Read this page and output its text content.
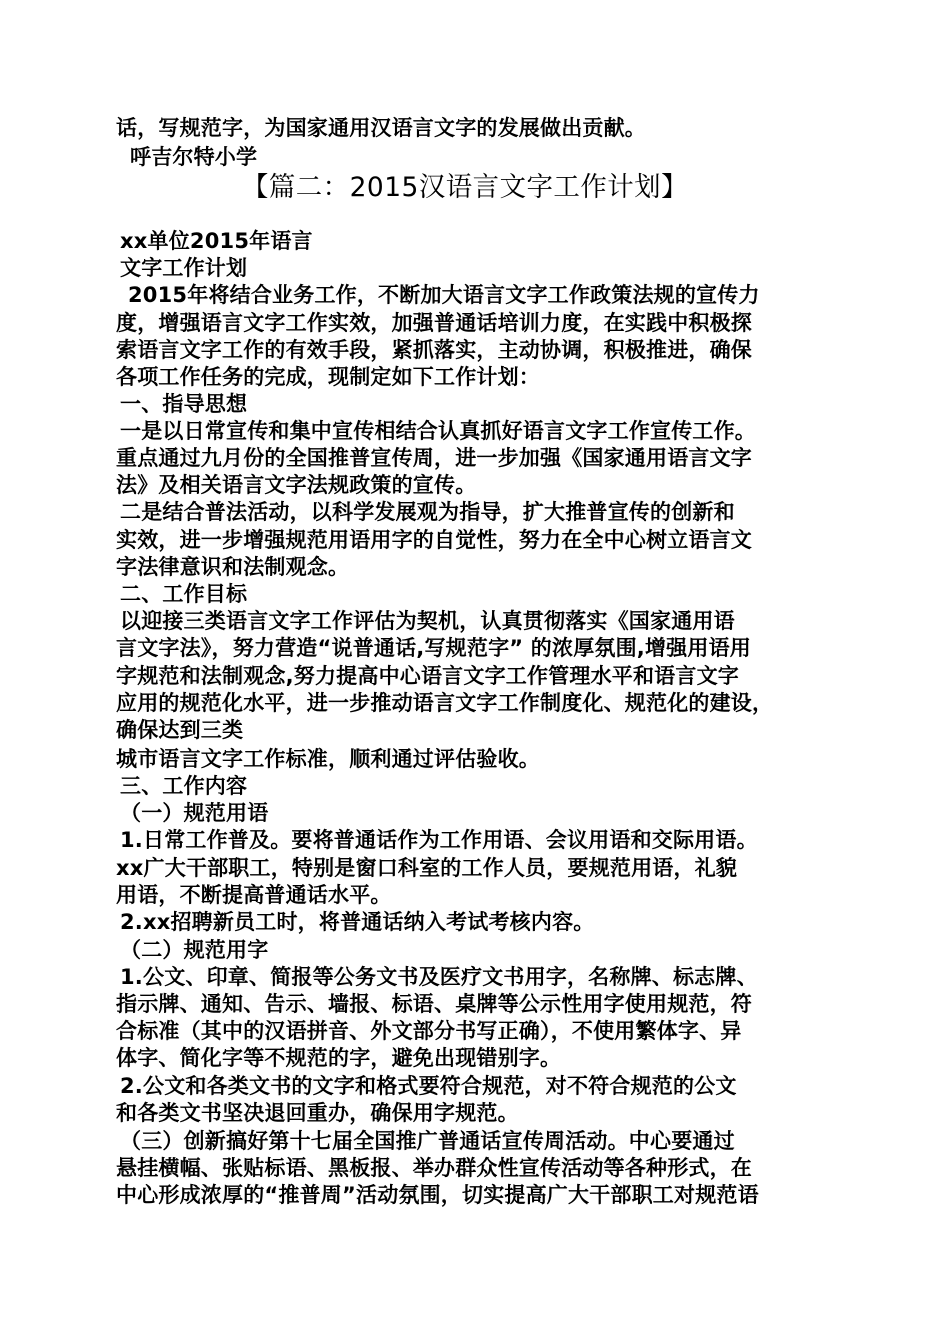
话，写规范字，为国家通用汉语言文字的发展做出贡献。
呼吉尔特小学
【篇二：2015汉语言文字工作计划】
xx单位2015年语言
文字工作计划
2015年将结合业务工作，不断加大语言文字工作政策法规的宣传力
度，增强语言文字工作实效，加强普通话培训力度，在实践中积极探
索语言文字工作的有效手段，紧抓落实，主动协调，积极推进，确保
各项工作任务的完成，现制定如下工作计划：
一、指导思想
一是以日常宣传和集中宣传相结合认真抓好语言文字工作宣传工作。
重点通过九月份的全国推普宣传周，进一步加强《国家通用语言文字
法》及相关语言文字法规政策的宣传。
二是结合普法活动，以科学发展观为指导，扩大推普宣传的创新和
实效，进一步增强规范用语用字的自觉性，努力在全中心树立语言文
字法律意识和法制观念。
二、工作目标
以迎接三类语言文字工作评估为契机，认真贯彻落实《国家通用语
言文字法》，努力营造“说普通话,写规范字” 的浓厚氛围,增强用语用
字规范和法制观念,努力提高中心语言文字工作管理水平和语言文字
应用的规范化水平，进一步推动语言文字工作制度化、规范化的建设，
确保达到三类
城市语言文字工作标准，顺利通过评估验收。
三、工作内容
（一）规范用语
1.日常工作普及。要将普通话作为工作用语、会议用语和交际用语。
xx广大干部职工，特别是窗口科室的工作人员，要规范用语，礼貌
用语，不断提高普通话水平。
2.xx招聘新员工时，将普通话纳入考试考核内容。
（二）规范用字
1.公文、印章、简报等公务文书及医疗文书用字，名称牌、标志牌、
指示牌、通知、告示、墙报、标语、桌牌等公示性用字使用规范，符
合标准（其中的汉语拼音、外文部分书写正确），不使用繁体字、异
体字、简化字等不规范的字，避免出现错别字。
2.公文和各类文书的文字和格式要符合规范，对不符合规范的公文
和各类文书坚决退回重办，确保用字规范。
（三）创新搞好第十七届全国推广普通话宣传周活动。中心要通过
悬挂横幅、张贴标语、黑板报、举办群众性宣传活动等各种形式，在
中心形成浓厚的“推普周”活动氛围，切实提高广大干部职工对规范语
